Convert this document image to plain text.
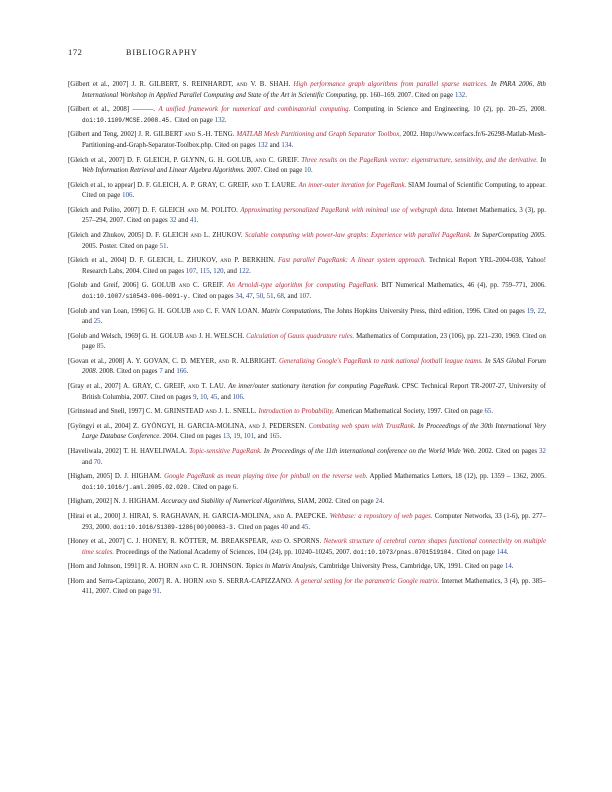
172	BIBLIOGRAPHY

[Gilbert et al., 2007] J. R. GILBERT, S. REINHARDT, and V. B. SHAH. High performance graph algorithms from parallel sparse matrices. In PARA 2006, 8th International Workshop in Applied Parallel Computing and State of the Art in Scientific Computing, pp. 160–169. 2007. Cited on page 132.

[Gilbert et al., 2008] ———. A unified framework for numerical and combinatorial computing. Computing in Science and Engineering, 10 (2), pp. 20–25, 2008. doi:10.1109/MCSE.2008.45. Cited on page 132.

[Gilbert and Teng, 2002] J. R. GILBERT and S.-H. TENG. MATLAB Mesh Partitioning and Graph Separator Toolbox, 2002. Http://www.cerfacs.fr/6-26298-Matlab-Mesh-Partitioning-and-Graph-Separator-Toolbox.php. Cited on pages 132 and 134.

[Gleich et al., 2007] D. F. GLEICH, P. GLYNN, G. H. GOLUB, and C. GREIF. Three results on the PageRank vector: eigenstructure, sensitivity, and the derivative. In Web Information Retrieval and Linear Algebra Algorithms. 2007. Cited on page 10.

[Gleich et al., to appear] D. F. GLEICH, A. P. GRAY, C. GREIF, and T. LAURE. An inner-outer iteration for PageRank. SIAM Journal of Scientific Computing, to appear. Cited on page 106.

[Gleich and Polito, 2007] D. F. GLEICH and M. POLITO. Approximating personalized PageRank with minimal use of webgraph data. Internet Mathematics, 3 (3), pp. 257–294, 2007. Cited on pages 32 and 41.

[Gleich and Zhukov, 2005] D. F. GLEICH and L. ZHUKOV. Scalable computing with power-law graphs: Experience with parallel PageRank. In SuperComputing 2005. 2005. Poster. Cited on page 51.

[Gleich et al., 2004] D. F. GLEICH, L. ZHUKOV, and P. BERKHIN. Fast parallel PageRank: A linear system approach. Technical Report YRL-2004-038, Yahoo! Research Labs, 2004. Cited on pages 107, 115, 120, and 122.

[Golub and Greif, 2006] G. GOLUB and C. GREIF. An Arnoldi-type algorithm for computing PageRank. BIT Numerical Mathematics, 46 (4), pp. 759–771, 2006. doi:10.1007/s10543-006-0091-y. Cited on pages 34, 47, 50, 51, 68, and 107.

[Golub and van Loan, 1996] G. H. GOLUB and C. F. VAN LOAN. Matrix Computations, The Johns Hopkins University Press, third edition, 1996. Cited on pages 19, 22, and 25.

[Golub and Welsch, 1969] G. H. GOLUB and J. H. WELSCH. Calculation of Gauss quadrature rules. Mathematics of Computation, 23 (106), pp. 221–230, 1969. Cited on page 85.

[Govan et al., 2008] A. Y. GOVAN, C. D. MEYER, and R. ALBRIGHT. Generalizing Google's PageRank to rank national football league teams. In SAS Global Forum 2008. 2008. Cited on pages 7 and 166.

[Gray et al., 2007] A. GRAY, C. GREIF, and T. LAU. An inner/outer stationary iteration for computing PageRank. CPSC Technical Report TR-2007-27, University of British Columbia, 2007. Cited on pages 9, 10, 45, and 106.

[Grinstead and Snell, 1997] C. M. GRINSTEAD and J. L. SNELL. Introduction to Probability, American Mathematical Society, 1997. Cited on page 65.

[Gyöngyi et al., 2004] Z. GYÖNGYI, H. GARCIA-MOLINA, and J. PEDERSEN. Combating web spam with TrustRank. In Proceedings of the 30th International Very Large Database Conference. 2004. Cited on pages 13, 19, 101, and 165.

[Haveliwala, 2002] T. H. HAVELIWALA. Topic-sensitive PageRank. In Proceedings of the 11th international conference on the World Wide Web. 2002. Cited on pages 32 and 70.

[Higham, 2005] D. J. HIGHAM. Google PageRank as mean playing time for pinball on the reverse web. Applied Mathematics Letters, 18 (12), pp. 1359 – 1362, 2005. doi:10.1016/j.aml.2005.02.020. Cited on page 6.

[Higham, 2002] N. J. HIGHAM. Accuracy and Stability of Numerical Algorithms, SIAM, 2002. Cited on page 24.

[Hirai et al., 2000] J. HIRAI, S. RAGHAVAN, H. GARCIA-MOLINA, and A. PAEPCKE. Webbase: a repository of web pages. Computer Networks, 33 (1-6), pp. 277–293, 2000. doi:10.1016/S1389-1286(00)00063-3. Cited on pages 40 and 45.

[Honey et al., 2007] C. J. HONEY, R. KÖTTER, M. BREAKSPEAR, and O. SPORNS. Network structure of cerebral cortex shapes functional connectivity on multiple time scales. Proceedings of the National Academy of Sciences, 104 (24), pp. 10240–10245, 2007. doi:10.1073/pnas.0701519104. Cited on page 144.

[Horn and Johnson, 1991] R. A. HORN and C. R. JOHNSON. Topics in Matrix Analysis, Cambridge University Press, Cambridge, UK, 1991. Cited on page 14.

[Horn and Serra-Capizzano, 2007] R. A. HORN and S. SERRA-CAPIZZANO. A general setting for the parametric Google matrix. Internet Mathematics, 3 (4), pp. 385–411, 2007. Cited on page 91.
